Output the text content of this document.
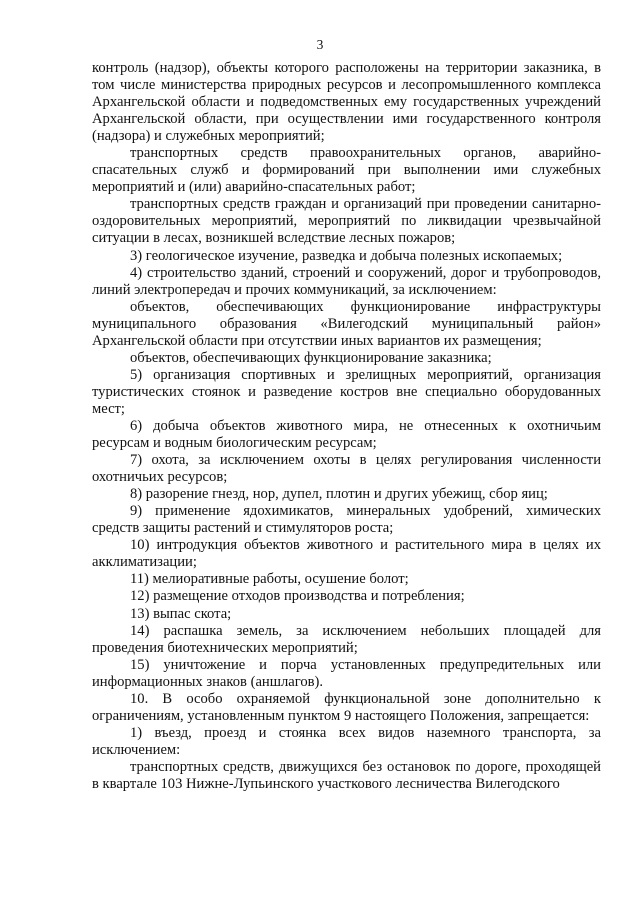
3

контроль (надзор), объекты которого расположены на территории заказника, в том числе министерства природных ресурсов и лесопромышленного комплекса Архангельской области и подведомственных ему государственных учреждений Архангельской области, при осуществлении ими государственного контроля (надзора) и служебных мероприятий;

транспортных средств правоохранительных органов, аварийно-спасательных служб и формирований при выполнении ими служебных мероприятий и (или) аварийно-спасательных работ;

транспортных средств граждан и организаций при проведении санитарно-оздоровительных мероприятий, мероприятий по ликвидации чрезвычайной ситуации в лесах, возникшей вследствие лесных пожаров;

3) геологическое изучение, разведка и добыча полезных ископаемых;

4) строительство зданий, строений и сооружений, дорог и трубопроводов, линий электропередач и прочих коммуникаций, за исключением:

объектов, обеспечивающих функционирование инфраструктуры муниципального образования «Вилегодский муниципальный район» Архангельской области при отсутствии иных вариантов их размещения;

объектов, обеспечивающих функционирование заказника;

5) организация спортивных и зрелищных мероприятий, организация туристических стоянок и разведение костров вне специально оборудованных мест;

6) добыча объектов животного мира, не отнесенных к охотничьим ресурсам и водным биологическим ресурсам;

7) охота, за исключением охоты в целях регулирования численности охотничьих ресурсов;

8) разорение гнезд, нор, дупел, плотин и других убежищ, сбор яиц;

9) применение ядохимикатов, минеральных удобрений, химических средств защиты растений и стимуляторов роста;

10) интродукция объектов животного и растительного мира в целях их акклиматизации;

11) мелиоративные работы, осушение болот;

12) размещение отходов производства и потребления;

13) выпас скота;

14) распашка земель, за исключением небольших площадей для проведения биотехнических мероприятий;

15) уничтожение и порча установленных предупредительных или информационных знаков (аншлагов).

10. В особо охраняемой функциональной зоне дополнительно к ограничениям, установленным пунктом 9 настоящего Положения, запрещается:

1) въезд, проезд и стоянка всех видов наземного транспорта, за исключением:

транспортных средств, движущихся без остановок по дороге, проходящей в квартале 103 Нижне-Лупьинского участкового лесничества Вилегодского
